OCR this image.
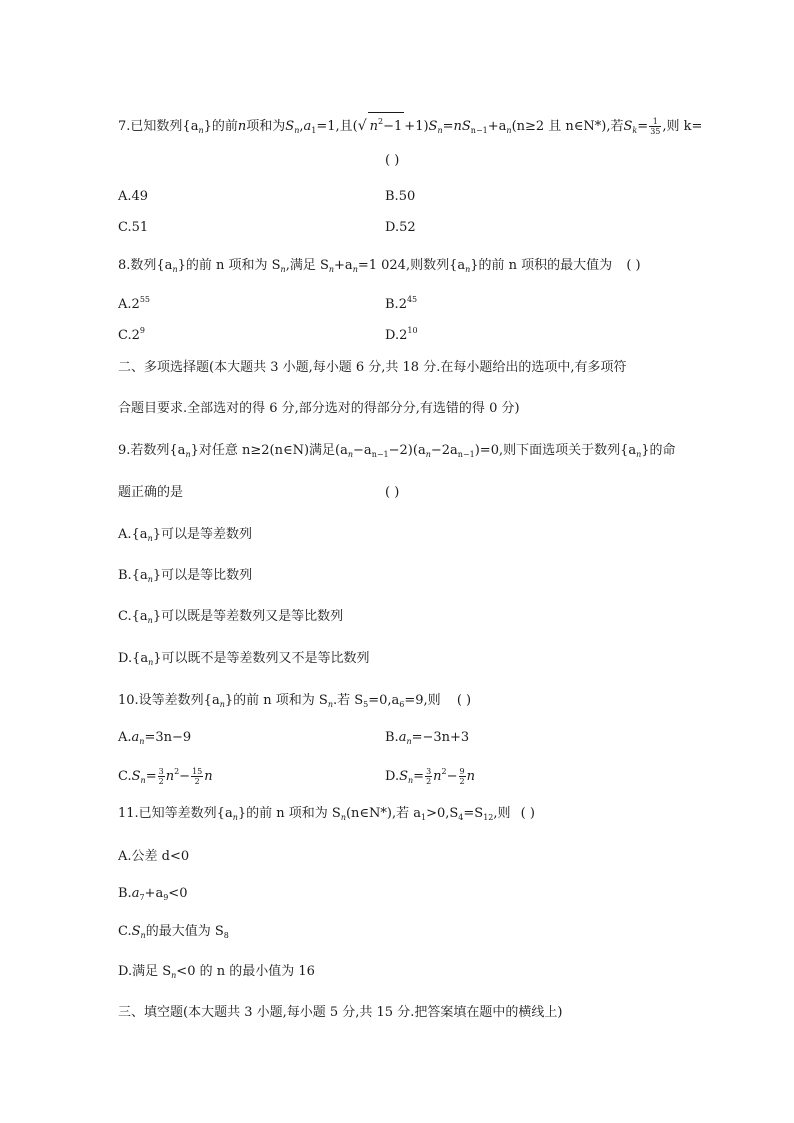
7.已知数列$\{a_n\}$的前n项和为$S_n,a_1=1$,且(√ $n^2-1 +1)S_n=nS_{n-1}+a_n(n\ge 2$ 且 n∈N*),若$S_k= \frac{1}{35}$ ,则 k=
( )
A.49	B.50
C.51	D.52
8.数列$\{a_n\}$的前 n 项和为 $S_n$,满足 $S_n+a_n=1$ 024,则数列$\{a_n\}$的前 n 项积的最大值为 ( )
$A.2^{55}$	$B.2^{45}$
$C.2^9$	$D.2^{10}$
二、多项选择题(本大题共 3 小题,每小题 6 分,共 18 分.在每小题给出的选项中,有多项符
合题目要求.全部选对的得 6 分,部分选对的得部分分,有选错的得 0 分)
9.若数列$\{a_n\}$对任意 n≥2(n∈N)满足$(a_n-a_{n-1}-2)(a_n-2a_{n-1})=0$,则下面选项关于数列$\{a_n\}$的命
题正确的是	( )
$A.\{a_n\}$可以是等差数列
$B.\{a_n\}$可以是等比数列
$C.\{a_n\}$可以既是等差数列又是等比数列
$D.\{a_n\}$可以既不是等差数列又不是等比数列
10.设等差数列$\{a_n\}$的前 n 项和为 $S_n$.若 $S_5=0,a_6=9$,则 ( )
$A.a_n=3n-9$	$B.a_n=-3n+3$
$C.S_n= \frac{3}{2} n^2- \frac{15}{2}$ n	$D.S_n= \frac{3}{2} n^2- \frac{9}{2}$ n
11.已知等差数列$\{a_n\}$的前 n 项和为 $S_n(n\in N*)$,若 $a_1>0,S_4=S_{12}$,则 ( )
A.公差 d<0
$B.a_7+a_9<0$
$C.S_n$的最大值为 $S_8$
D.满足 $S_n<0$ 的 n 的最小值为 16
三、填空题(本大题共 3 小题,每小题 5 分,共 15 分.把答案填在题中的横线上)
